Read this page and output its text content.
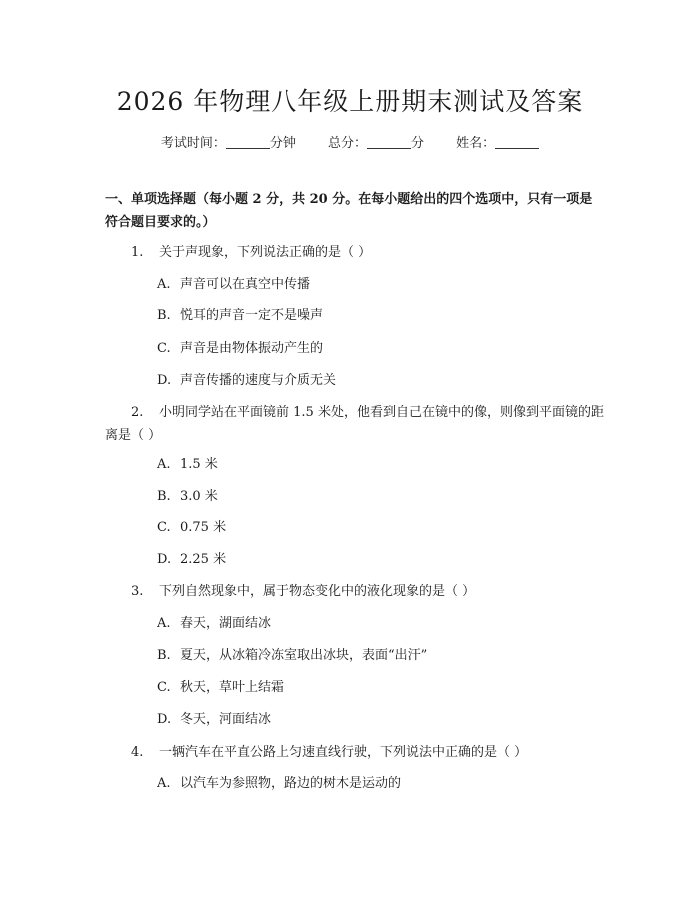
2026 年物理八年级上册期末测试及答案
考试时间：	分钟 总分：	分 姓名：
一、单项选择题（每小题 2 分，共 20 分。在每小题给出的四个选项中，只有一项是符合题目要求的。）
1. 关于声现象，下列说法正确的是（ ）
A. 声音可以在真空中传播
B. 悦耳的声音一定不是噪声
C. 声音是由物体振动产生的
D. 声音传播的速度与介质无关
2. 小明同学站在平面镜前 1.5 米处，他看到自己在镜中的像，则像到平面镜的距离是（ ）
A. 1.5 米
B. 3.0 米
C. 0.75 米
D. 2.25 米
3. 下列自然现象中，属于物态变化中的液化现象的是（ ）
A. 春天，湖面结冰
B. 夏天，从冰箱冷冻室取出冰块，表面“出汗”
C. 秋天，草叶上结霜
D. 冬天，河面结冰
4. 一辆汽车在平直公路上匀速直线行驶，下列说法中正确的是（ ）
A. 以汽车为参照物，路边的树木是运动的
